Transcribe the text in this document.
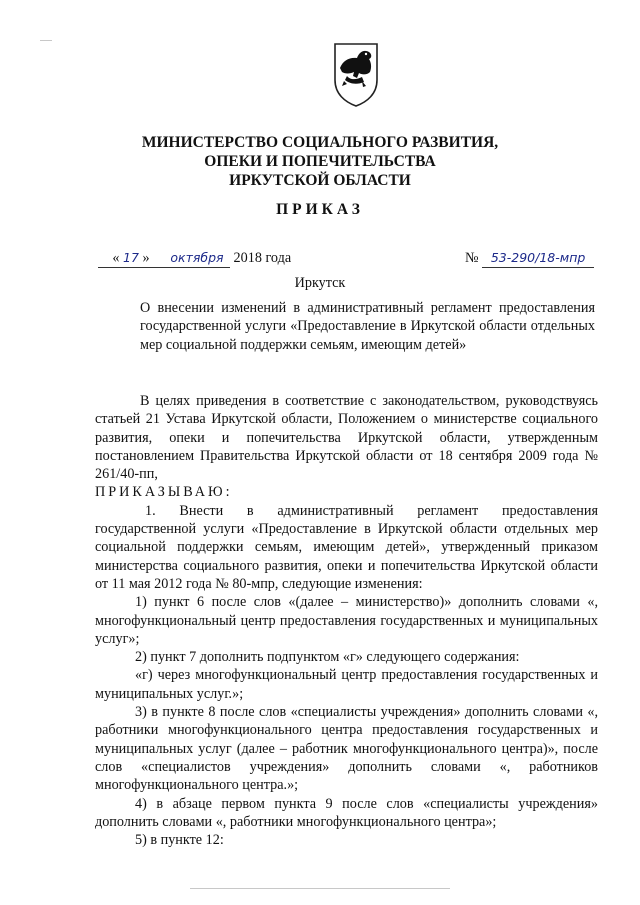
МИНИСТЕРСТВО СОЦИАЛЬНОГО РАЗВИТИЯ,
ОПЕКИ И ПОПЕЧИТЕЛЬСТВА
ИРКУТСКОЙ ОБЛАСТИ
ПРИКАЗ
« 17 » октября 2018 года	№ 53-290/18-мпр
Иркутск
О внесении изменений в административный регламент предоставления государственной услуги «Предоставление в Иркутской области отдельных мер социальной поддержки семьям, имеющим детей»

В целях приведения в соответствие с законодательством, руководствуясь статьей 21 Устава Иркутской области, Положением о министерстве социального развития, опеки и попечительства Иркутской области, утвержденным постановлением Правительства Иркутской области от 18 сентября 2009 года № 261/40-пп,

ПРИКАЗЫВАЮ:

1. Внести в административный регламент предоставления государственной услуги «Предоставление в Иркутской области отдельных мер социальной поддержки семьям, имеющим детей», утвержденный приказом министерства социального развития, опеки и попечительства Иркутской области от 11 мая 2012 года № 80-мпр, следующие изменения:

1) пункт 6 после слов «(далее – министерство)» дополнить словами «, многофункциональный центр предоставления государственных и муниципальных услуг»;

2) пункт 7 дополнить подпунктом «г» следующего содержания:

«г) через многофункциональный центр предоставления государственных и муниципальных услуг.»;

3) в пункте 8 после слов «специалисты учреждения» дополнить словами «, работники многофункционального центра предоставления государственных и муниципальных услуг (далее – работник многофункционального центра)», после слов «специалистов учреждения» дополнить словами «, работников многофункционального центра.»;

4) в абзаце первом пункта 9 после слов «специалисты учреждения» дополнить словами «, работники многофункционального центра»;

5) в пункте 12:
